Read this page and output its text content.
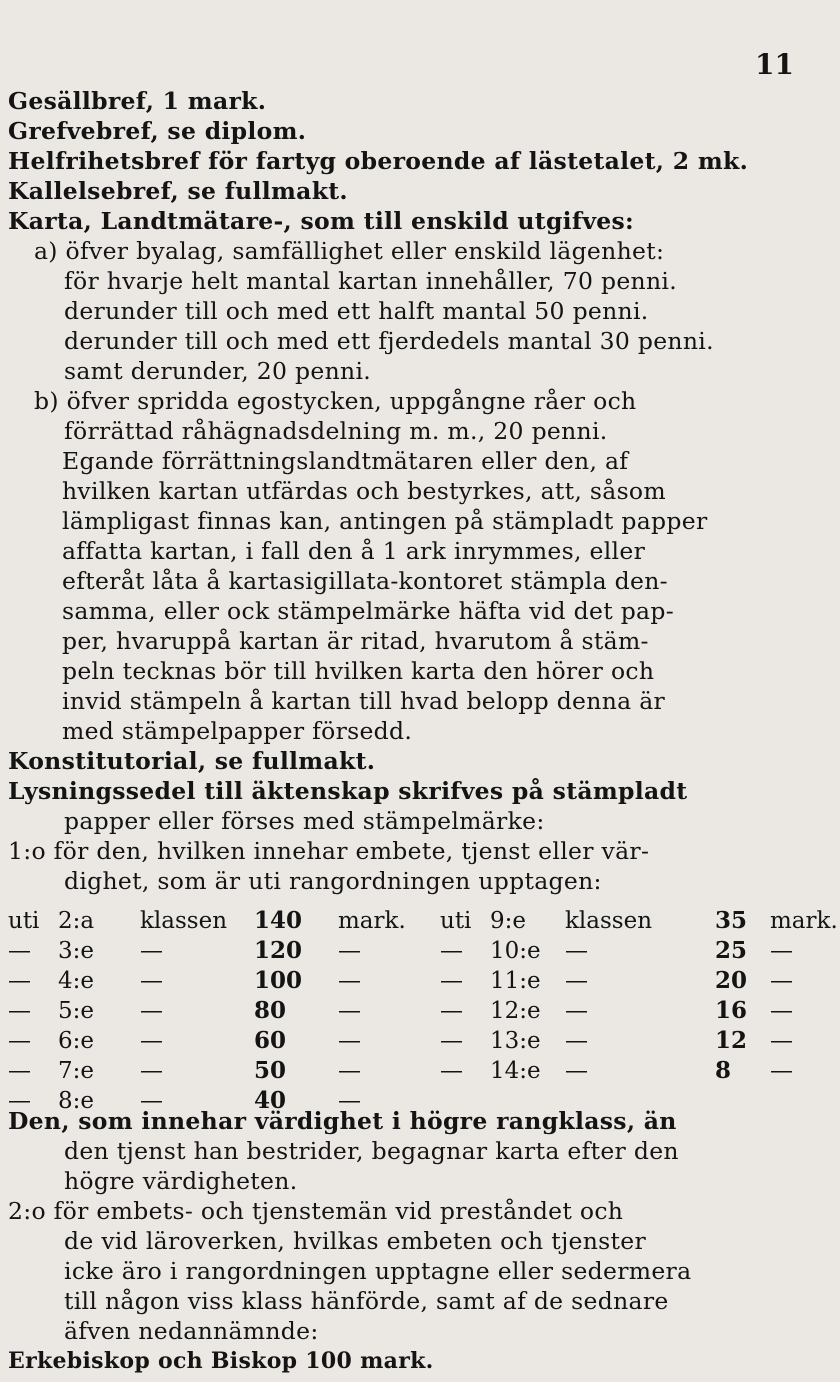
11
Gesällbref, 1 mark.
Grefvebref, se diplom.
Helfrihetsbref för fartyg oberoende af lästetalet, 2 mk.
Kallelsebref, se fullmakt.
Karta, Landtmätare-, som till enskild utgifves:
a) öfver byalag, samfällighet eller enskild lägenhet:
för hvarje helt mantal kartan innehåller, 70 penni.
derunder till och med ett halft mantal 50 penni.
derunder till och med ett fjerdedels mantal 30 penni.
samt derunder, 20 penni.
b) öfver spridda egostycken, uppgångne råer och
förrättad råhägnadsdelning m. m., 20 penni.
Egande förrättningslandtmätaren eller den, af
hvilken kartan utfärdas och bestyrkes, att, såsom
lämpligast finnas kan, antingen på stämpladt papper
affatta kartan, i fall den å 1 ark inrymmes, eller
efteråt låta å kartasigillata-kontoret stämpla den-
samma, eller ock stämpelmärke häfta vid det pap-
per, hvaruppå kartan är ritad, hvarutom å stäm-
peln tecknas bör till hvilken karta den hörer och
invid stämpeln å kartan till hvad belopp denna är
med stämpelpapper försedd.
Konstitutorial, se fullmakt.
Lysningssedel till äktenskap skrifves på stämpladt
papper eller förses med stämpelmärke:
1:o för den, hvilken innehar embete, tjenst eller vär-
dighet, som är uti rangordningen upptagen:
uti 2:a klassen 140 mark.
— 3:e —	120 —
— 4:e —	100 —
— 5:e —	80 —
— 6:e —	60 —
— 7:e —	50 —
— 8:e —	40 —
uti 9:e klassen	35 mark.
— 10:e —	25 —
— 11:e —	20 —
— 12:e —	16 —
— 13:e —	12 —
— 14:e —	8 —
Den, som innehar värdighet i högre rangklass, än
den tjenst han bestrider, begagnar karta efter den
högre värdigheten.
2:o för embets- och tjenstemän vid preståndet och
de vid läroverken, hvilkas embeten och tjenster
icke äro i rangordningen upptagne eller sedermera
till någon viss klass hänförde, samt af de sednare
äfven nedannämnde:
Erkebiskop och Biskop 100 mark.
